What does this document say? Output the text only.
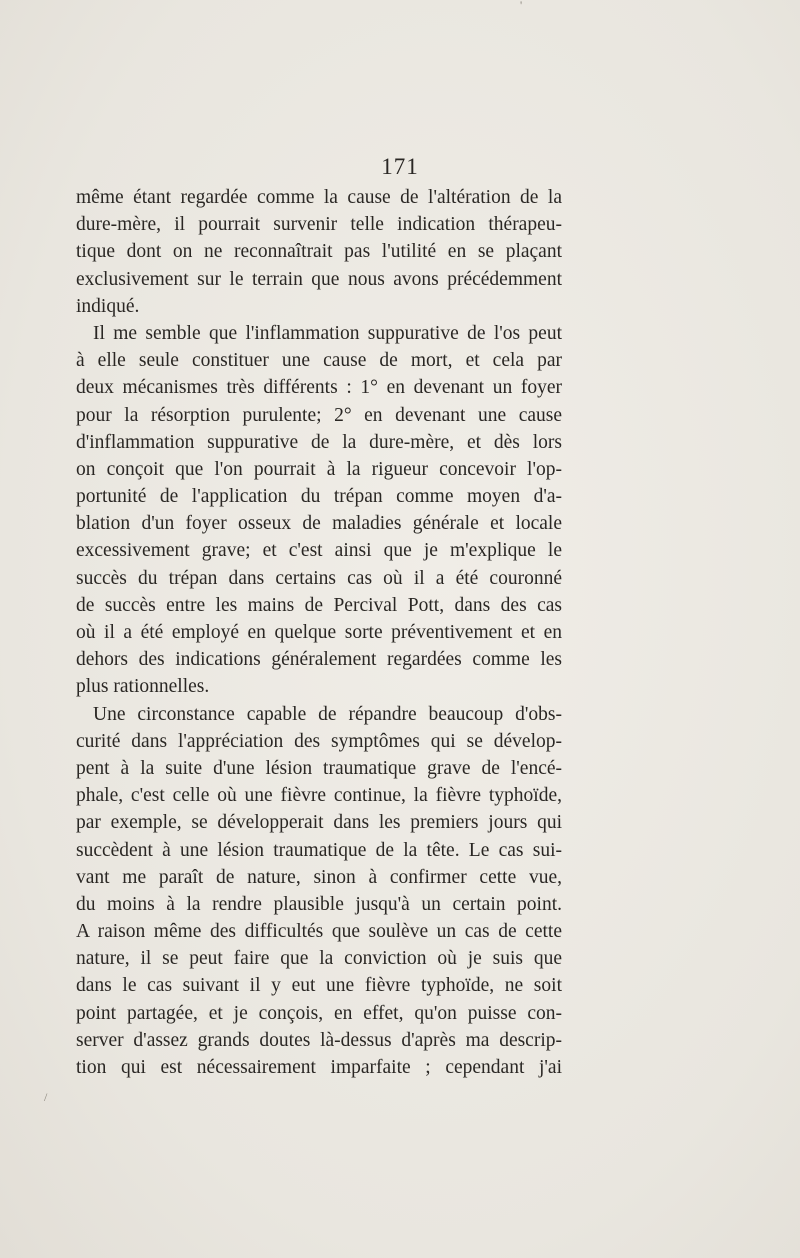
171
même étant regardée comme la cause de l'altération de la
dure-mère, il pourrait survenir telle indication thérapeu-
tique dont on ne reconnaîtrait pas l'utilité en se plaçant
exclusivement sur le terrain que nous avons précédemment
indiqué.
Il me semble que l'inflammation suppurative de l'os peut
à elle seule constituer une cause de mort, et cela par
deux mécanismes très différents : 1° en devenant un foyer
pour la résorption purulente; 2° en devenant une cause
d'inflammation suppurative de la dure-mère, et dès lors
on conçoit que l'on pourrait à la rigueur concevoir l'op-
portunité de l'application du trépan comme moyen d'a-
blation d'un foyer osseux de maladies générale et locale
excessivement grave; et c'est ainsi que je m'explique le
succès du trépan dans certains cas où il a été couronné
de succès entre les mains de Percival Pott, dans des cas
où il a été employé en quelque sorte préventivement et en
dehors des indications généralement regardées comme les
plus rationnelles.
Une circonstance capable de répandre beaucoup d'obs-
curité dans l'appréciation des symptômes qui se dévelop-
pent à la suite d'une lésion traumatique grave de l'encé-
phale, c'est celle où une fièvre continue, la fièvre typhoïde,
par exemple, se développerait dans les premiers jours qui
succèdent à une lésion traumatique de la tête. Le cas sui-
vant me paraît de nature, sinon à confirmer cette vue,
du moins à la rendre plausible jusqu'à un certain point.
A raison même des difficultés que soulève un cas de cette
nature, il se peut faire que la conviction où je suis que
dans le cas suivant il y eut une fièvre typhoïde, ne soit
point partagée, et je conçois, en effet, qu'on puisse con-
server d'assez grands doutes là-dessus d'après ma descrip-
tion qui est nécessairement imparfaite ; cependant j'ai
'
/
